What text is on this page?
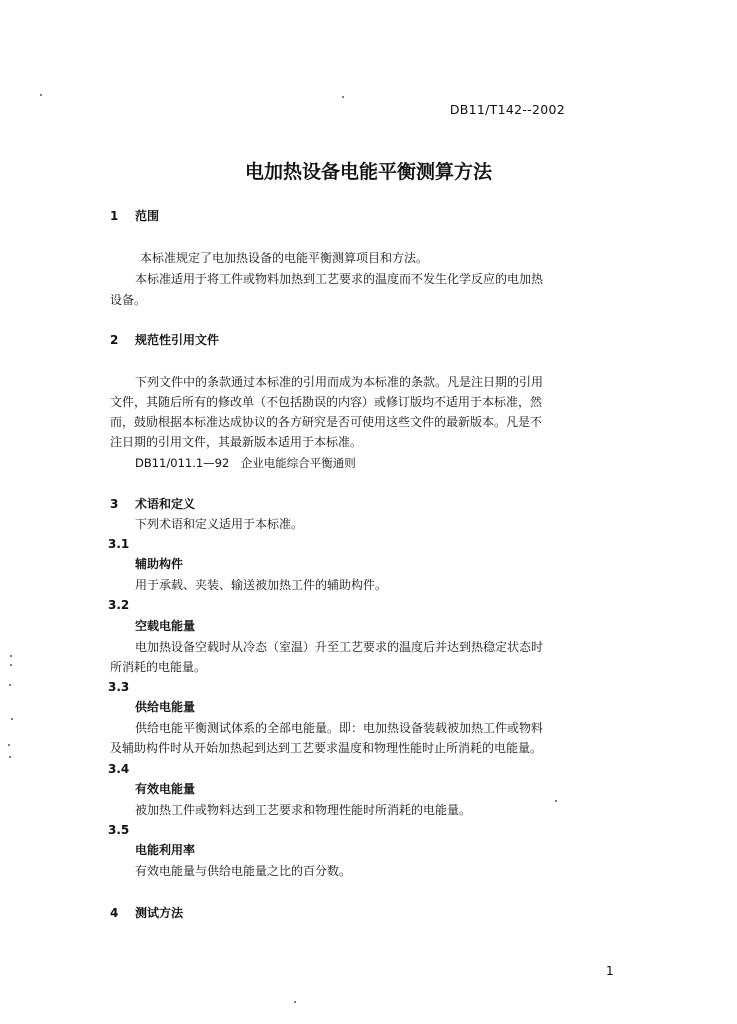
DB11/T142--2002
电加热设备电能平衡测算方法
1 范围
本标准规定了电加热设备的电能平衡测算项目和方法。
本标准适用于将工件或物料加热到工艺要求的温度而不发生化学反应的电加热
设备。
2 规范性引用文件
下列文件中的条款通过本标准的引用而成为本标准的条款。凡是注日期的引用
文件，其随后所有的修改单（不包括勘误的内容）或修订版均不适用于本标准，然
而，鼓励根据本标准达成协议的各方研究是否可使用这些文件的最新版本。凡是不
注日期的引用文件，其最新版本适用于本标准。
DB11/011.1—92　企业电能综合平衡通则
3 术语和定义
下列术语和定义适用于本标准。
3.1
辅助构件
用于承载、夹装、输送被加热工件的辅助构件。
3.2
空载电能量
电加热设备空载时从冷态（室温）升至工艺要求的温度后并达到热稳定状态时
所消耗的电能量。
3.3
供给电能量
供给电能平衡测试体系的全部电能量。即：电加热设备装载被加热工件或物料
及辅助构件时从开始加热起到达到工艺要求温度和物理性能时止所消耗的电能量。
3.4
有效电能量
被加热工件或物料达到工艺要求和物理性能时所消耗的电能量。
3.5
电能利用率
有效电能量与供给电能量之比的百分数。
4 测试方法
1
